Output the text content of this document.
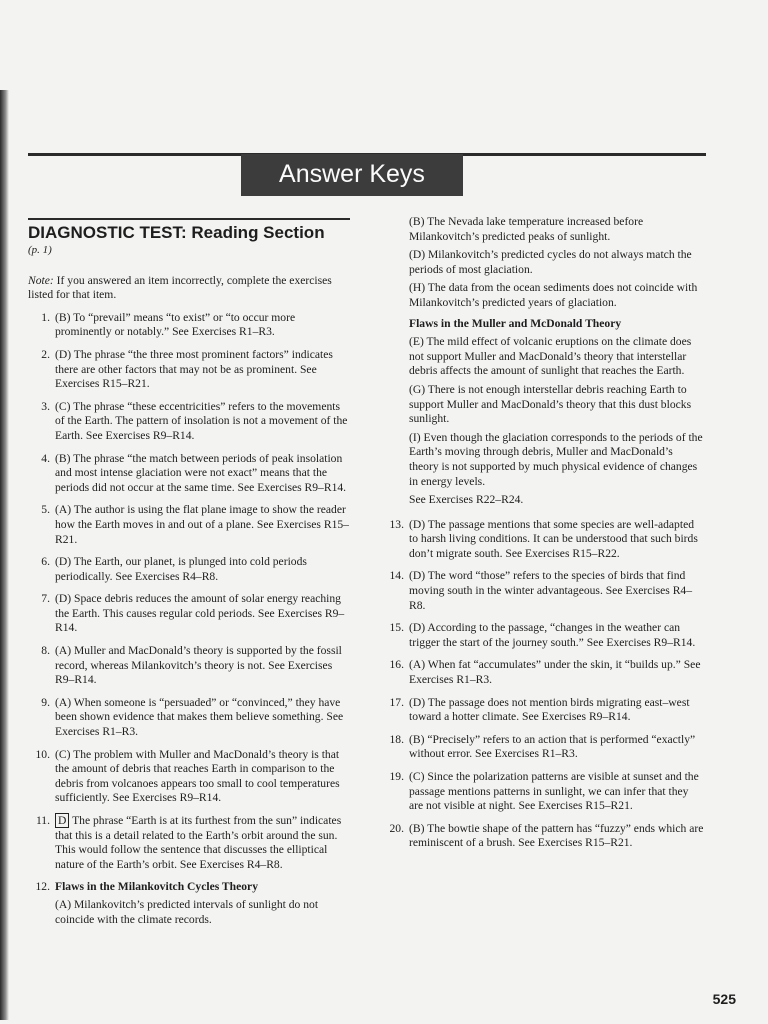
Answer Keys
DIAGNOSTIC TEST: Reading Section

(p. 1)

Note: If you answered an item incorrectly, complete the exercises listed for that item.

1. (B) To “prevail” means “to exist” or “to occur more prominently or notably.” See Exercises R1–R3.
2. (D) The phrase “the three most prominent factors” indicates there are other factors that may not be as prominent. See Exercises R15–R21.
3. (C) The phrase “these eccentricities” refers to the movements of the Earth. The pattern of insolation is not a movement of the Earth. See Exercises R9–R14.
4. (B) The phrase “the match between periods of peak insolation and most intense glaciation were not exact” means that the periods did not occur at the same time. See Exercises R9–R14.
5. (A) The author is using the flat plane image to show the reader how the Earth moves in and out of a plane. See Exercises R15–R21.
6. (D) The Earth, our planet, is plunged into cold periods periodically. See Exercises R4–R8.
7. (D) Space debris reduces the amount of solar energy reaching the Earth. This causes regular cold periods. See Exercises R9–R14.
8. (A) Muller and MacDonald’s theory is supported by the fossil record, whereas Milankovitch’s theory is not. See Exercises R9–R14.
9. (A) When someone is “persuaded” or “convinced,” they have been shown evidence that makes them believe something. See Exercises R1–R3.
10. (C) The problem with Muller and MacDonald’s theory is that the amount of debris that reaches Earth in comparison to the debris from volcanoes appears too small to cool temperatures sufficiently. See Exercises R9–R14.
11. D The phrase “Earth is at its furthest from the sun” indicates that this is a detail related to the Earth’s orbit around the sun. This would follow the sentence that discusses the elliptical nature of the Earth’s orbit. See Exercises R4–R8.
12. Flaws in the Milankovitch Cycles Theory
(A) Milankovitch’s predicted intervals of sunlight do not coincide with the climate records.
(B) The Nevada lake temperature increased before Milankovitch’s predicted peaks of sunlight.
(D) Milankovitch’s predicted cycles do not always match the periods of most glaciation.
(H) The data from the ocean sediments does not coincide with Milankovitch’s predicted years of glaciation.
Flaws in the Muller and McDonald Theory
(E) The mild effect of volcanic eruptions on the climate does not support Muller and MacDonald’s theory that interstellar debris affects the amount of sunlight that reaches the Earth.
(G) There is not enough interstellar debris reaching Earth to support Muller and MacDonald’s theory that this dust blocks sunlight.
(I) Even though the glaciation corresponds to the periods of the Earth’s moving through debris, Muller and MacDonald’s theory is not supported by much physical evidence of changes in energy levels.
See Exercises R22–R24.
13. (D) The passage mentions that some species are well-adapted to harsh living conditions. It can be understood that such birds don’t migrate south. See Exercises R15–R22.
14. (D) The word “those” refers to the species of birds that find moving south in the winter advantageous. See Exercises R4–R8.
15. (D) According to the passage, “changes in the weather can trigger the start of the journey south.” See Exercises R9–R14.
16. (A) When fat “accumulates” under the skin, it “builds up.” See Exercises R1–R3.
17. (D) The passage does not mention birds migrating east–west toward a hotter climate. See Exercises R9–R14.
18. (B) “Precisely” refers to an action that is performed “exactly” without error. See Exercises R1–R3.
19. (C) Since the polarization patterns are visible at sunset and the passage mentions patterns in sunlight, we can infer that they are not visible at night. See Exercises R15–R21.
20. (B) The bowtie shape of the pattern has “fuzzy” ends which are reminiscent of a brush. See Exercises R15–R21.
525
